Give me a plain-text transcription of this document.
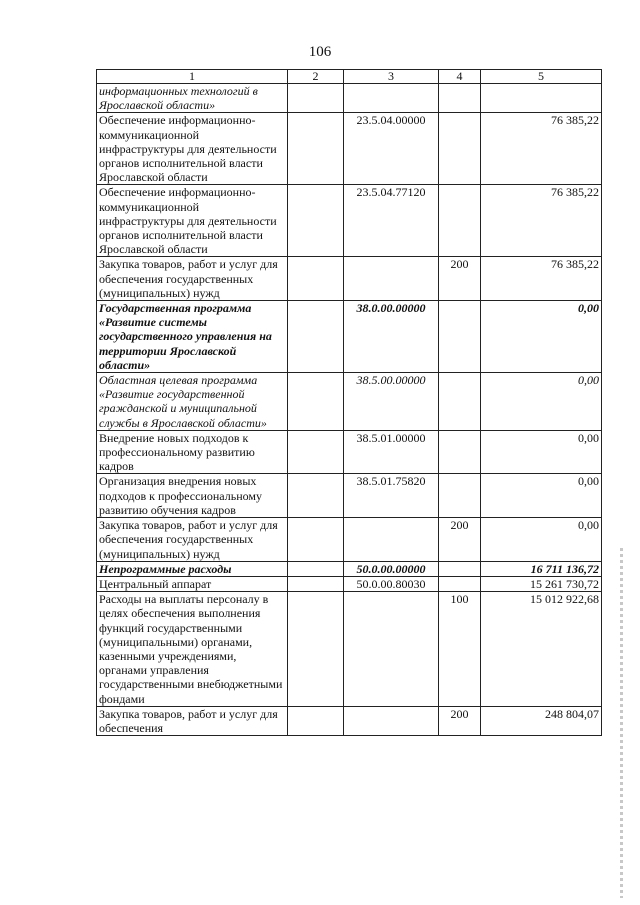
106
1	2	3	4	5
информационных технологий в Ярославской области»				
Обеспечение информационно-коммуникационной инфраструктуры для деятельности органов исполнительной власти Ярославской области		23.5.04.00000		76 385,22
Обеспечение информационно-коммуникационной инфраструктуры для деятельности органов исполнительной власти Ярославской области		23.5.04.77120		76 385,22
Закупка товаров, работ и услуг для обеспечения государственных (муниципальных) нужд			200	76 385,22
Государственная программа «Развитие системы государственного управления на территории Ярославской области»		38.0.00.00000		0,00
Областная целевая программа «Развитие государственной гражданской и муниципальной службы в Ярославской области»		38.5.00.00000		0,00
Внедрение новых подходов к профессиональному развитию кадров		38.5.01.00000		0,00
Организация внедрения новых подходов к профессиональному развитию обучения кадров		38.5.01.75820		0,00
Закупка товаров, работ и услуг для обеспечения государственных (муниципальных) нужд			200	0,00
Непрограммные расходы		50.0.00.00000		16 711 136,72
Центральный аппарат		50.0.00.80030		15 261 730,72
Расходы на выплаты персоналу в целях обеспечения выполнения функций государственными (муниципальными) органами, казенными учреждениями, органами управления государственными внебюджетными фондами			100	15 012 922,68
Закупка товаров, работ и услуг для обеспечения			200	248 804,07
